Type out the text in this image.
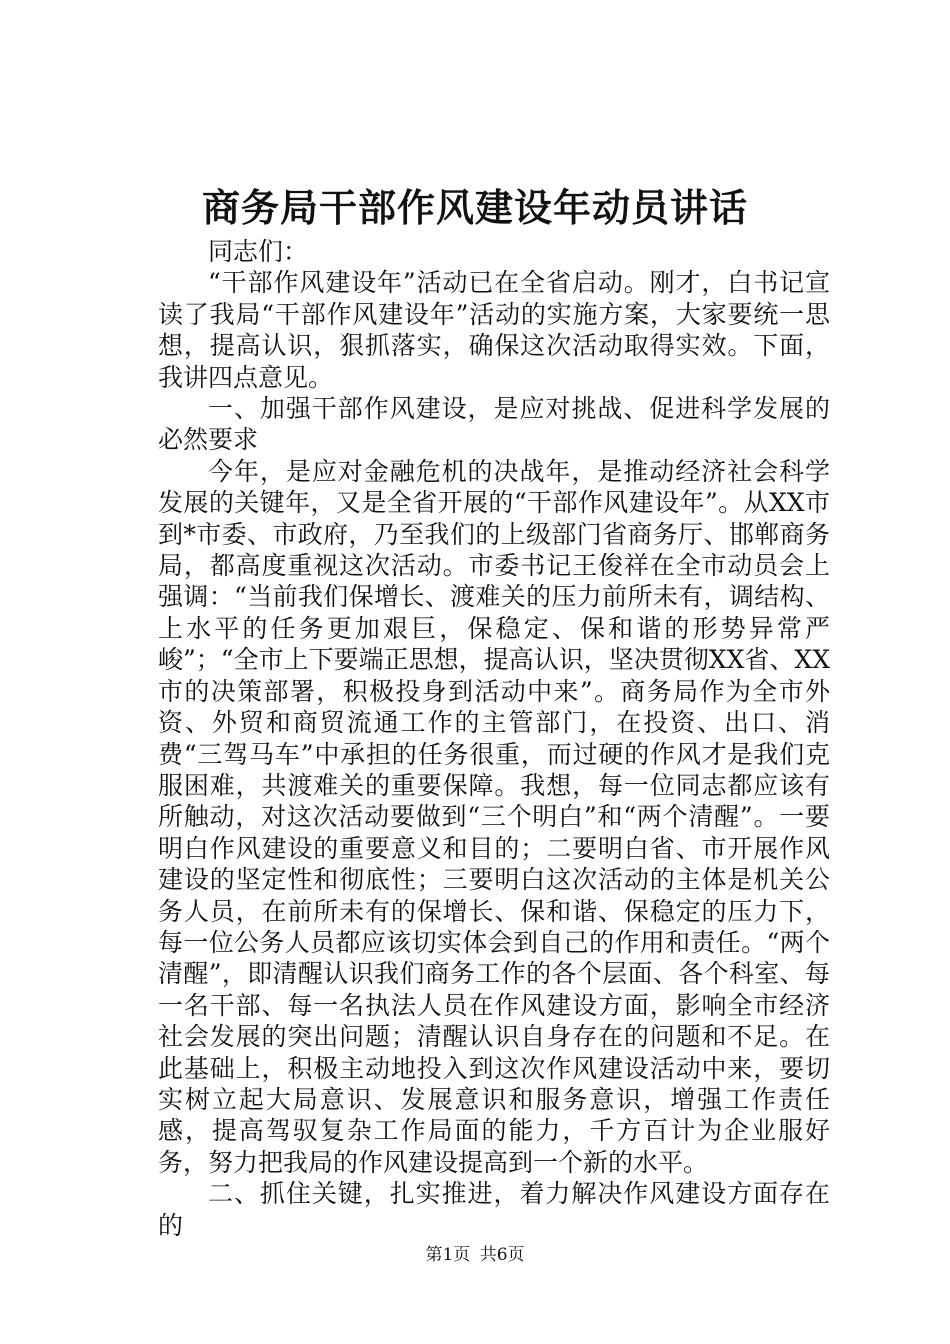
商务局干部作风建设年动员讲话

同志们：

“干部作风建设年”活动已在全省启动。刚才，白书记宣读了我局“干部作风建设年”活动的实施方案，大家要统一思想，提高认识，狠抓落实，确保这次活动取得实效。下面，我讲四点意见。

一、加强干部作风建设，是应对挑战、促进科学发展的必然要求

今年，是应对金融危机的决战年，是推动经济社会科学发展的关键年，又是全省开展的“干部作风建设年”。从XX市到*市委、市政府，乃至我们的上级部门省商务厅、邯郸商务局，都高度重视这次活动。市委书记王俊祥在全市动员会上强调：“当前我们保增长、渡难关的压力前所未有，调结构、上水平的任务更加艰巨，保稳定、保和谐的形势异常严峻”；“全市上下要端正思想，提高认识，坚决贯彻XX省、XX市的决策部署，积极投身到活动中来”。商务局作为全市外资、外贸和商贸流通工作的主管部门，在投资、出口、消费“三驾马车”中承担的任务很重，而过硬的作风才是我们克服困难，共渡难关的重要保障。我想，每一位同志都应该有所触动，对这次活动要做到“三个明白”和“两个清醒”。一要明白作风建设的重要意义和目的；二要明白省、市开展作风建设的坚定性和彻底性；三要明白这次活动的主体是机关公务人员，在前所未有的保增长、保和谐、保稳定的压力下，每一位公务人员都应该切实体会到自己的作用和责任。“两个清醒”，即清醒认识我们商务工作的各个层面、各个科室、每一名干部、每一名执法人员在作风建设方面，影响全市经济社会发展的突出问题；清醒认识自身存在的问题和不足。在此基础上，积极主动地投入到这次作风建设活动中来，要切实树立起大局意识、发展意识和服务意识，增强工作责任感，提高驾驭复杂工作局面的能力，千方百计为企业服好务，努力把我局的作风建设提高到一个新的水平。

二、抓住关键，扎实推进，着力解决作风建设方面存在的

第1页 共6页
